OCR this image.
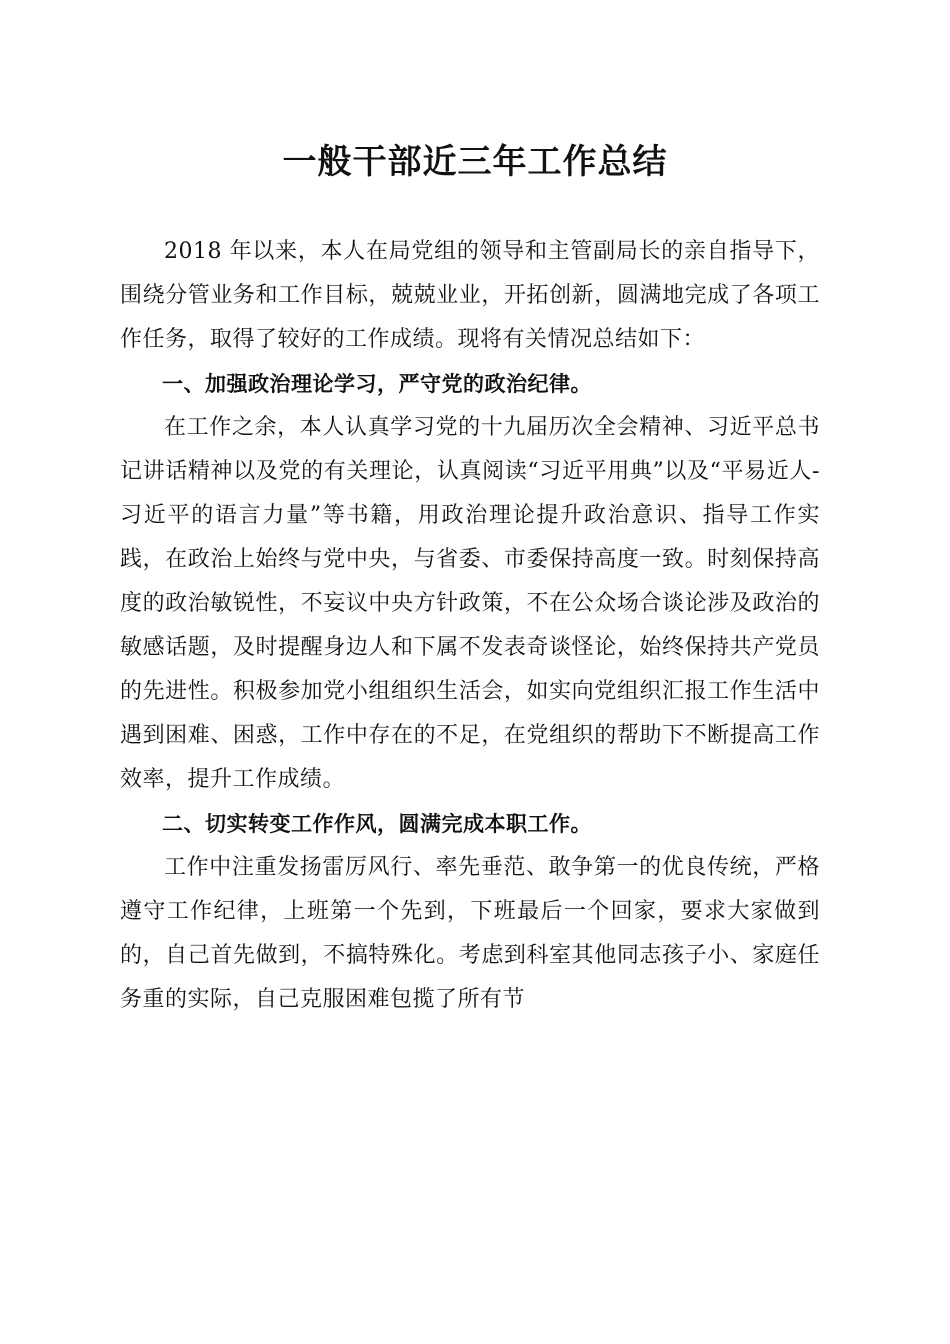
一般干部近三年工作总结

2018 年以来，本人在局党组的领导和主管副局长的亲自指导下，围绕分管业务和工作目标，兢兢业业，开拓创新，圆满地完成了各项工作任务，取得了较好的工作成绩。现将有关情况总结如下：

一、加强政治理论学习，严守党的政治纪律。

在工作之余，本人认真学习党的十九届历次全会精神、习近平总书记讲话精神以及党的有关理论，认真阅读“习近平用典”以及“平易近人-习近平的语言力量”等书籍，用政治理论提升政治意识、指导工作实践，在政治上始终与党中央，与省委、市委保持高度一致。时刻保持高度的政治敏锐性，不妄议中央方针政策，不在公众场合谈论涉及政治的敏感话题，及时提醒身边人和下属不发表奇谈怪论，始终保持共产党员的先进性。积极参加党小组组织生活会，如实向党组织汇报工作生活中遇到困难、困惑，工作中存在的不足，在党组织的帮助下不断提高工作效率，提升工作成绩。

二、切实转变工作作风，圆满完成本职工作。

工作中注重发扬雷厉风行、率先垂范、敢争第一的优良传统，严格遵守工作纪律，上班第一个先到，下班最后一个回家，要求大家做到的，自己首先做到，不搞特殊化。考虑到科室其他同志孩子小、家庭任务重的实际，自己克服困难包揽了所有节
